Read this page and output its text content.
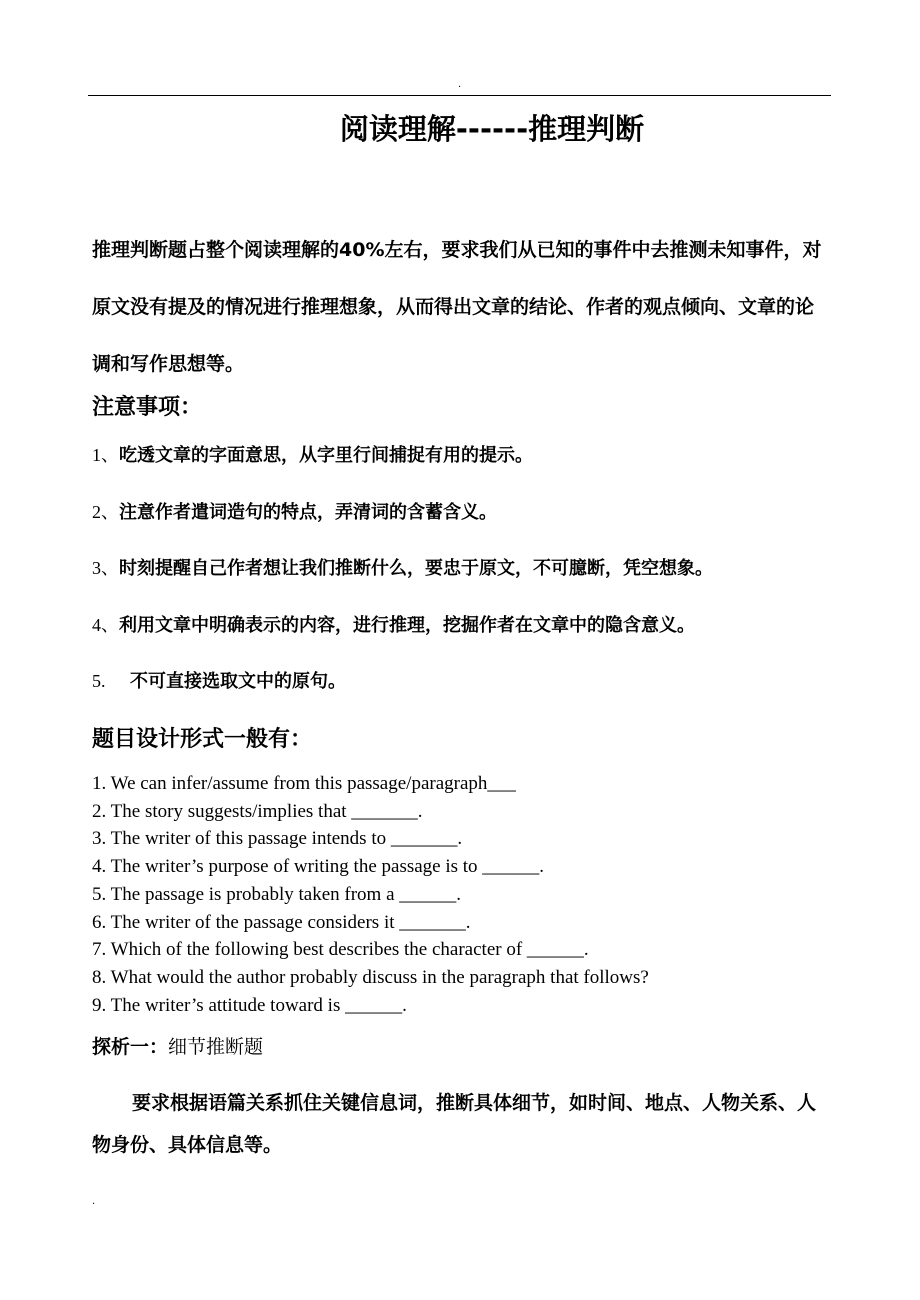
.
阅读理解------推理判断

推理判断题占整个阅读理解的40%左右，要求我们从已知的事件中去推测未知事件，对原文没有提及的情况进行推理想象，从而得出文章的结论、作者的观点倾向、文章的论调和写作思想等。

注意事项：
1、吃透文章的字面意思，从字里行间捕捉有用的提示。
2、注意作者遣词造句的特点，弄清词的含蓄含义。
3、时刻提醒自己作者想让我们推断什么，要忠于原文，不可臆断，凭空想象。
4、利用文章中明确表示的内容，进行推理，挖掘作者在文章中的隐含意义。
5. 不可直接选取文中的原句。
题目设计形式一般有：
1. We can infer/assume from this passage/paragraph___
2. The story suggests/implies that _______.
3. The writer of this passage intends to _______.
4. The writer’s purpose of writing the passage is to ______.
5. The passage is probably taken from a ______.
6. The writer of the passage considers it _______.
7. Which of the following best describes the character of ______.
8. What would the author probably discuss in the paragraph that follows?
9. The writer’s attitude toward is ______.
探析一：细节推断题

要求根据语篇关系抓住关键信息词，推断具体细节，如时间、地点、人物关系、人物身份、具体信息等。

.
